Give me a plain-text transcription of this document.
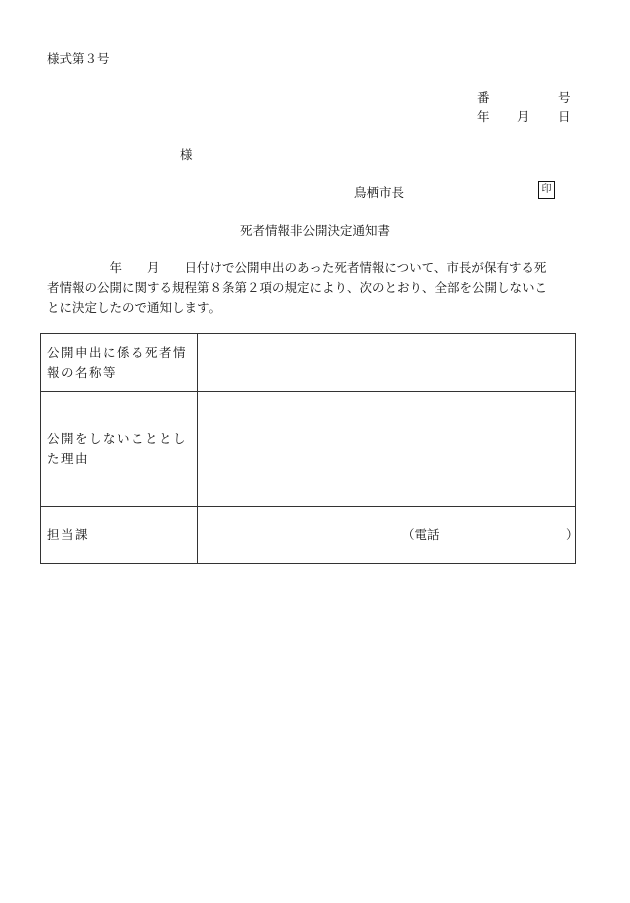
様式第３号
番	号
年 月 日
様
鳥栖市長	印
死者情報非公開決定通知書
　　　　　年　　月　　日付けで公開申出のあった死者情報について、市長が保有する死
者情報の公開に関する規程第８条第２項の規定により、次のとおり、全部を公開しないこ
とに決定したので通知します。
公開申出に係る死者情
報の名称等	

公開をしないこととし
た理由	

担当課	（電話 ）
